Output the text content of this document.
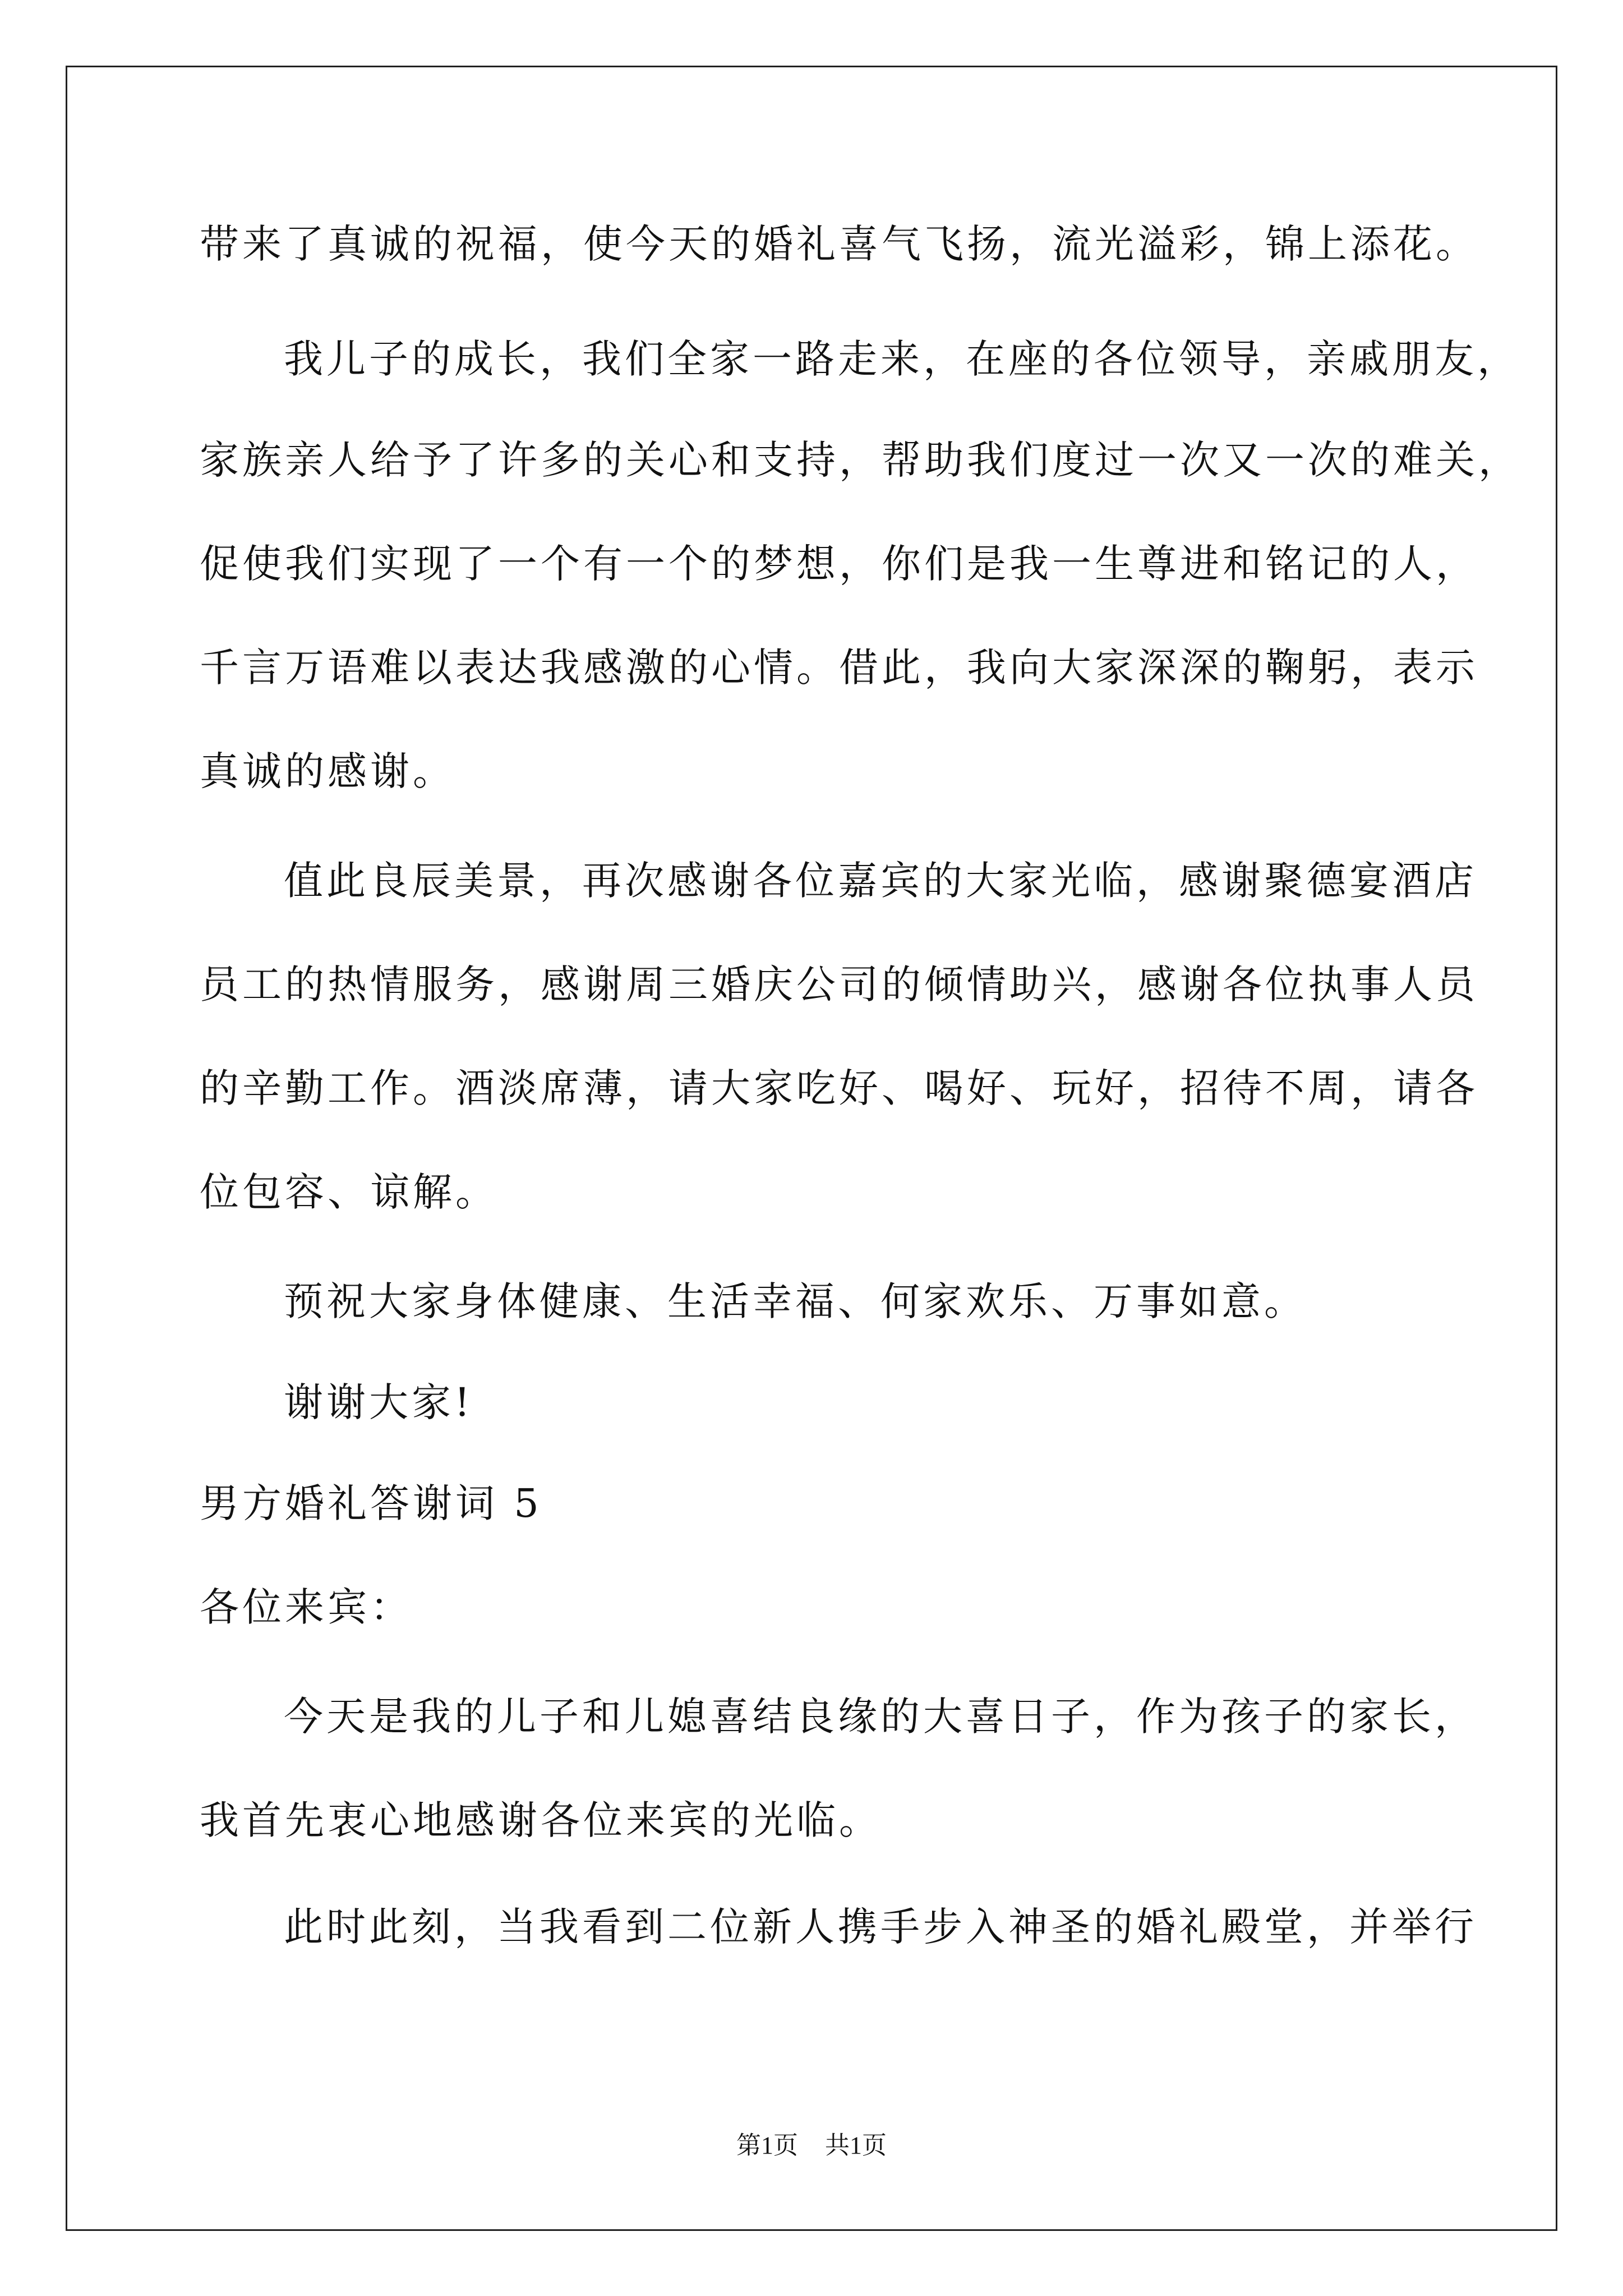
带来了真诚的祝福，使今天的婚礼喜气飞扬，流光溢彩，锦上添花。
我儿子的成长，我们全家一路走来，在座的各位领导，亲戚朋友，
家族亲人给予了许多的关心和支持，帮助我们度过一次又一次的难关，
促使我们实现了一个有一个的梦想，你们是我一生尊进和铭记的人，
千言万语难以表达我感激的心情。借此，我向大家深深的鞠躬，表示
真诚的感谢。
值此良辰美景，再次感谢各位嘉宾的大家光临，感谢聚德宴酒店
员工的热情服务，感谢周三婚庆公司的倾情助兴，感谢各位执事人员
的辛勤工作。酒淡席薄，请大家吃好、喝好、玩好，招待不周，请各
位包容、谅解。
预祝大家身体健康、生活幸福、何家欢乐、万事如意。
谢谢大家!
男方婚礼答谢词 5
各位来宾：
今天是我的儿子和儿媳喜结良缘的大喜日子，作为孩子的家长，
我首先衷心地感谢各位来宾的光临。
此时此刻，当我看到二位新人携手步入神圣的婚礼殿堂，并举行
第1页 共1页
